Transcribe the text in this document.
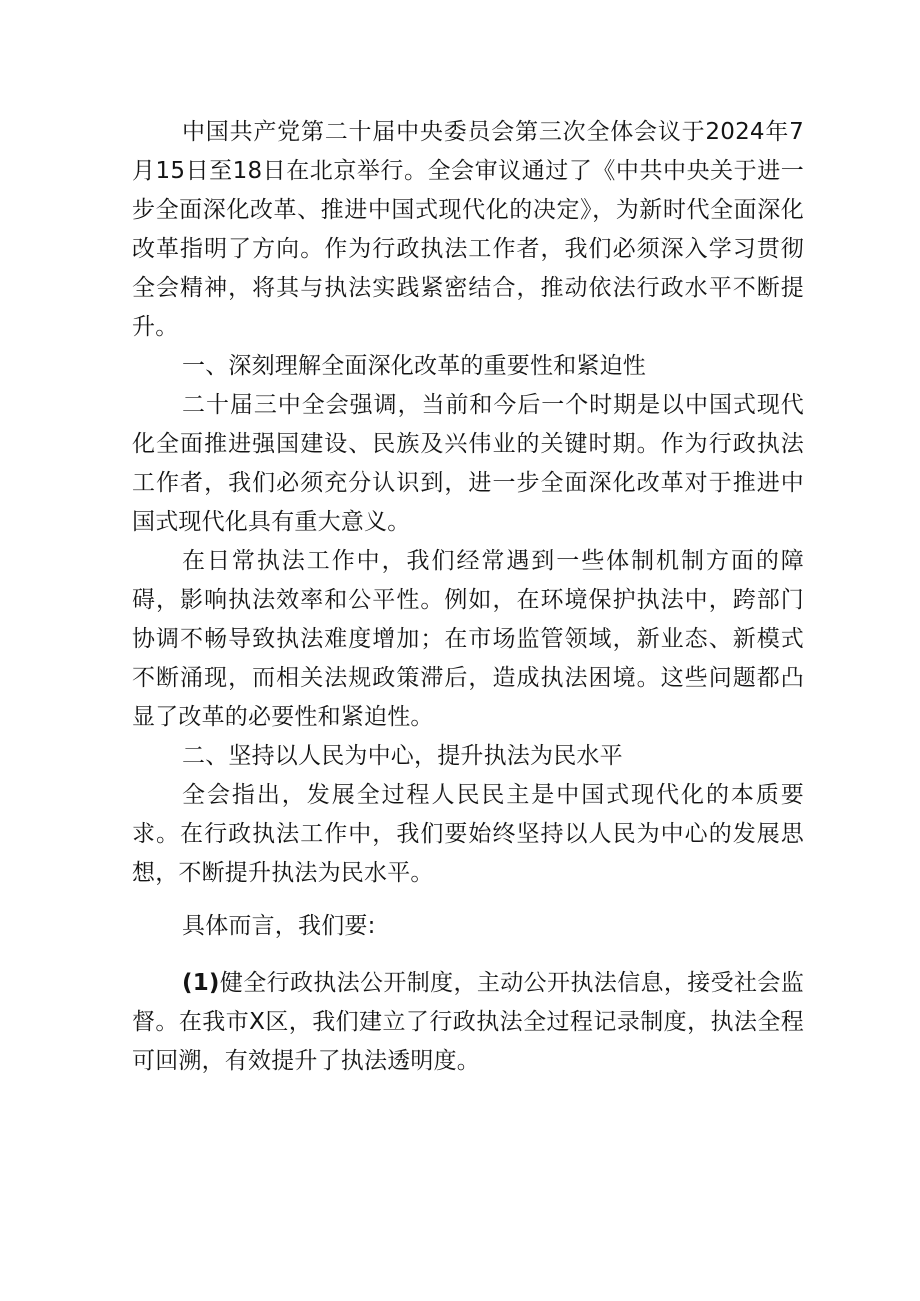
中国共产党第二十届中央委员会第三次全体会议于2024年7月15日至18日在北京举行。全会审议通过了《中共中央关于进一步全面深化改革、推进中国式现代化的决定》，为新时代全面深化改革指明了方向。作为行政执法工作者，我们必须深入学习贯彻全会精神，将其与执法实践紧密结合，推动依法行政水平不断提升。

一、深刻理解全面深化改革的重要性和紧迫性

二十届三中全会强调，当前和今后一个时期是以中国式现代化全面推进强国建设、民族及兴伟业的关键时期。作为行政执法工作者，我们必须充分认识到，进一步全面深化改革对于推进中国式现代化具有重大意义。

在日常执法工作中，我们经常遇到一些体制机制方面的障碍，影响执法效率和公平性。例如，在环境保护执法中，跨部门协调不畅导致执法难度增加；在市场监管领域，新业态、新模式不断涌现，而相关法规政策滞后，造成执法困境。这些问题都凸显了改革的必要性和紧迫性。

二、坚持以人民为中心，提升执法为民水平

全会指出，发展全过程人民民主是中国式现代化的本质要求。在行政执法工作中，我们要始终坚持以人民为中心的发展思想，不断提升执法为民水平。

具体而言，我们要:

(1)健全行政执法公开制度，主动公开执法信息，接受社会监督。在我市X区，我们建立了行政执法全过程记录制度，执法全程可回溯，有效提升了执法透明度。
